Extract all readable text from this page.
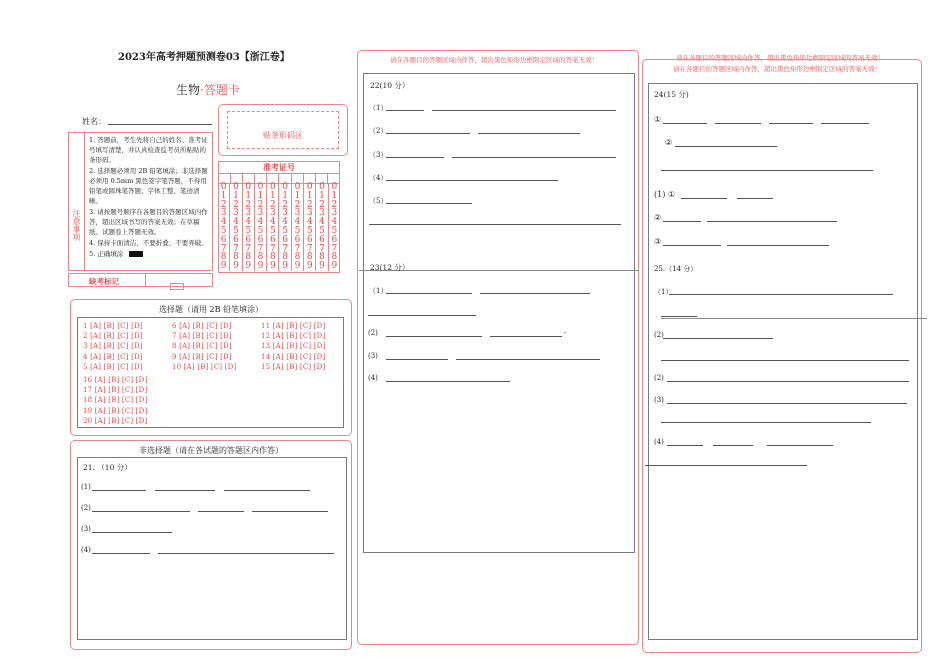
2023年高考押题预测卷03【浙江卷】
生物·答题卡
姓名：
贴条形码区
注意事项
1. 答题前，考生先将自己的姓名、准考证号填写清楚，并认真检查监考员所粘贴的条形码。
2. 选择题必须用 2B 铅笔填涂；非选择题必须用 0.5mm 黑色签字笔答题，不得用铅笔或圆珠笔答题；字体工整、笔迹清晰。
3. 请按题号顺序在各题目的答题区域内作答，超出区域书写的答案无效；在草稿纸、试题卷上答题无效。
4. 保持卡面清洁，不要折叠、不要弄破。
5. 正确填涂
准考证号
0
1
2
3
4
5
6
7
8
9
0
1
2
3
4
5
6
7
8
9
0
1
2
3
4
5
6
7
8
9
0
1
2
3
4
5
6
7
8
9
0
1
2
3
4
5
6
7
8
9
0
1
2
3
4
5
6
7
8
9
0
1
2
3
4
5
6
7
8
9
0
1
2
3
4
5
6
7
8
9
0
1
2
3
4
5
6
7
8
9
0
1
2
3
4
5
6
7
8
9
缺考标记
选择题（请用 2B 铅笔填涂）
1 [A] [B] [C] [D]
2 [A] [B] [C] [D]
3 [A] [B] [C] [D]
4 [A] [B] [C] [D]
5 [A] [B] [C] [D]
6 [A] [B] [C] [D]
7 [A] [B] [C] [D]
8 [A] [B] [C] [D]
9 [A] [B] [C] [D]
10 [A] [B] [C] [D]
11 [A] [B] [C] [D]
12 [A] [B] [C] [D]
13 [A] [B] [C] [D]
14 [A] [B] [C] [D]
15 [A] [B] [C] [D]
16 [A] [B] [C] [D]
17 [A] [B] [C] [D]
18 [A] [B] [C] [D]
19 [A] [B] [C] [D]
20 [A] [B] [C] [D]
非选择题（请在各试题的答题区内作答）
21. （10 分）
(1)
(2)
(3)
(4)
请在各题目的答题区域内作答，超出黑色矩形边框限定区域的答案无效！
22(10 分）
（1）
（2）
（3）
（4）
（5）
23(12 分）
（1）
(2)	-
(3)
(4)
请在各题目的答题区域内作答，超出黑色矩形边框限定区域的答案无效！
请在各题目的答题区域内作答，超出黑色矩形边框限定区域的答案无效！
24(15 分)
①
②
(1) ①
②
③
25.（14 分）
（1）
(2)
(2)
(3)
(4)
